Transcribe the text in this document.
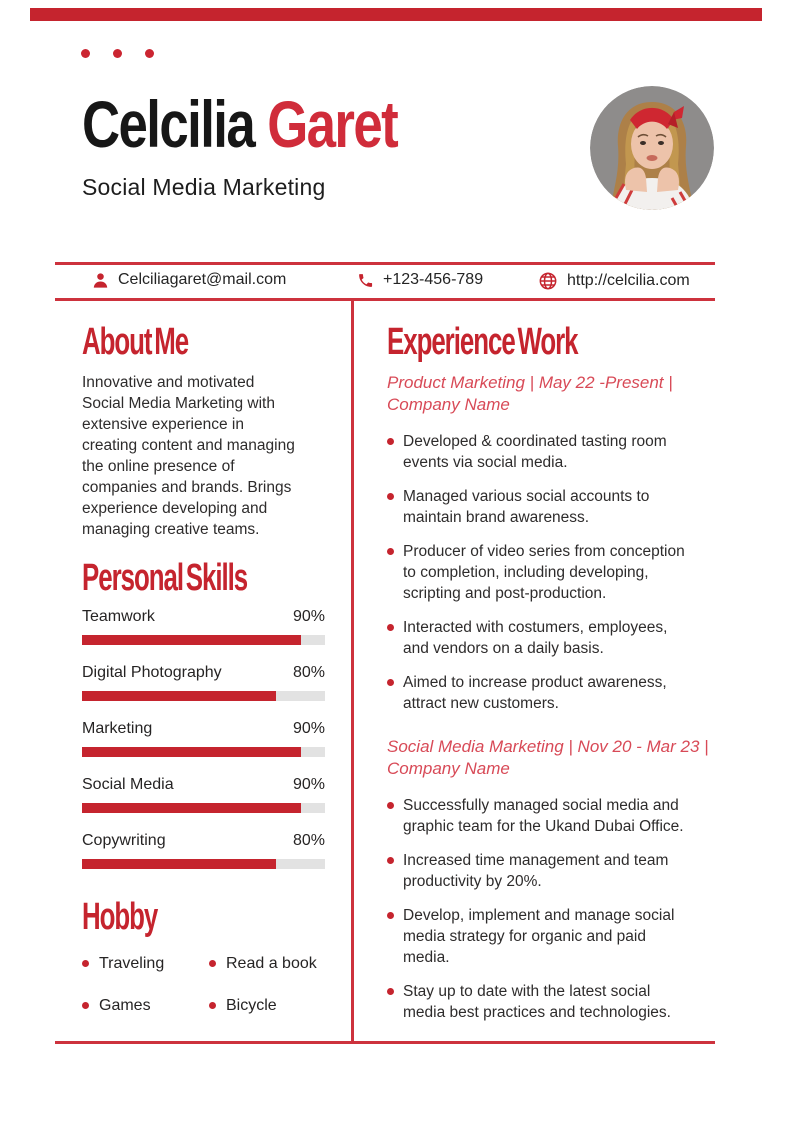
Celcilia Garet
Social Media Marketing
Celciliagaret@mail.com	+123-456-789	http://celcilia.com
About Me

Innovative and motivated Social Media Marketing with extensive experience in creating content and managing the online presence of companies and brands. Brings experience developing and managing creative teams.

Personal Skills
Teamwork	90%
Digital Photography	80%
Marketing	90%
Social Media	90%
Copywriting	80%
Hobby
Traveling
Games
Read a book
Bicycle
Experience Work
Product Marketing | May 22 -Present | Company Name
Developed & coordinated tasting room events via social media.
Managed various social accounts to maintain brand awareness.
Producer of video series from conception to completion, including developing, scripting and post-production.
Interacted with costumers, employees, and vendors on a daily basis.
Aimed to increase product awareness, attract new customers.
Social Media Marketing | Nov 20 - Mar 23 | Company Name
Successfully managed social media and graphic team for the Ukand Dubai Office.
Increased time management and team productivity by 20%.
Develop, implement and manage social media strategy for organic and paid media.
Stay up to date with the latest social media best practices and technologies.
